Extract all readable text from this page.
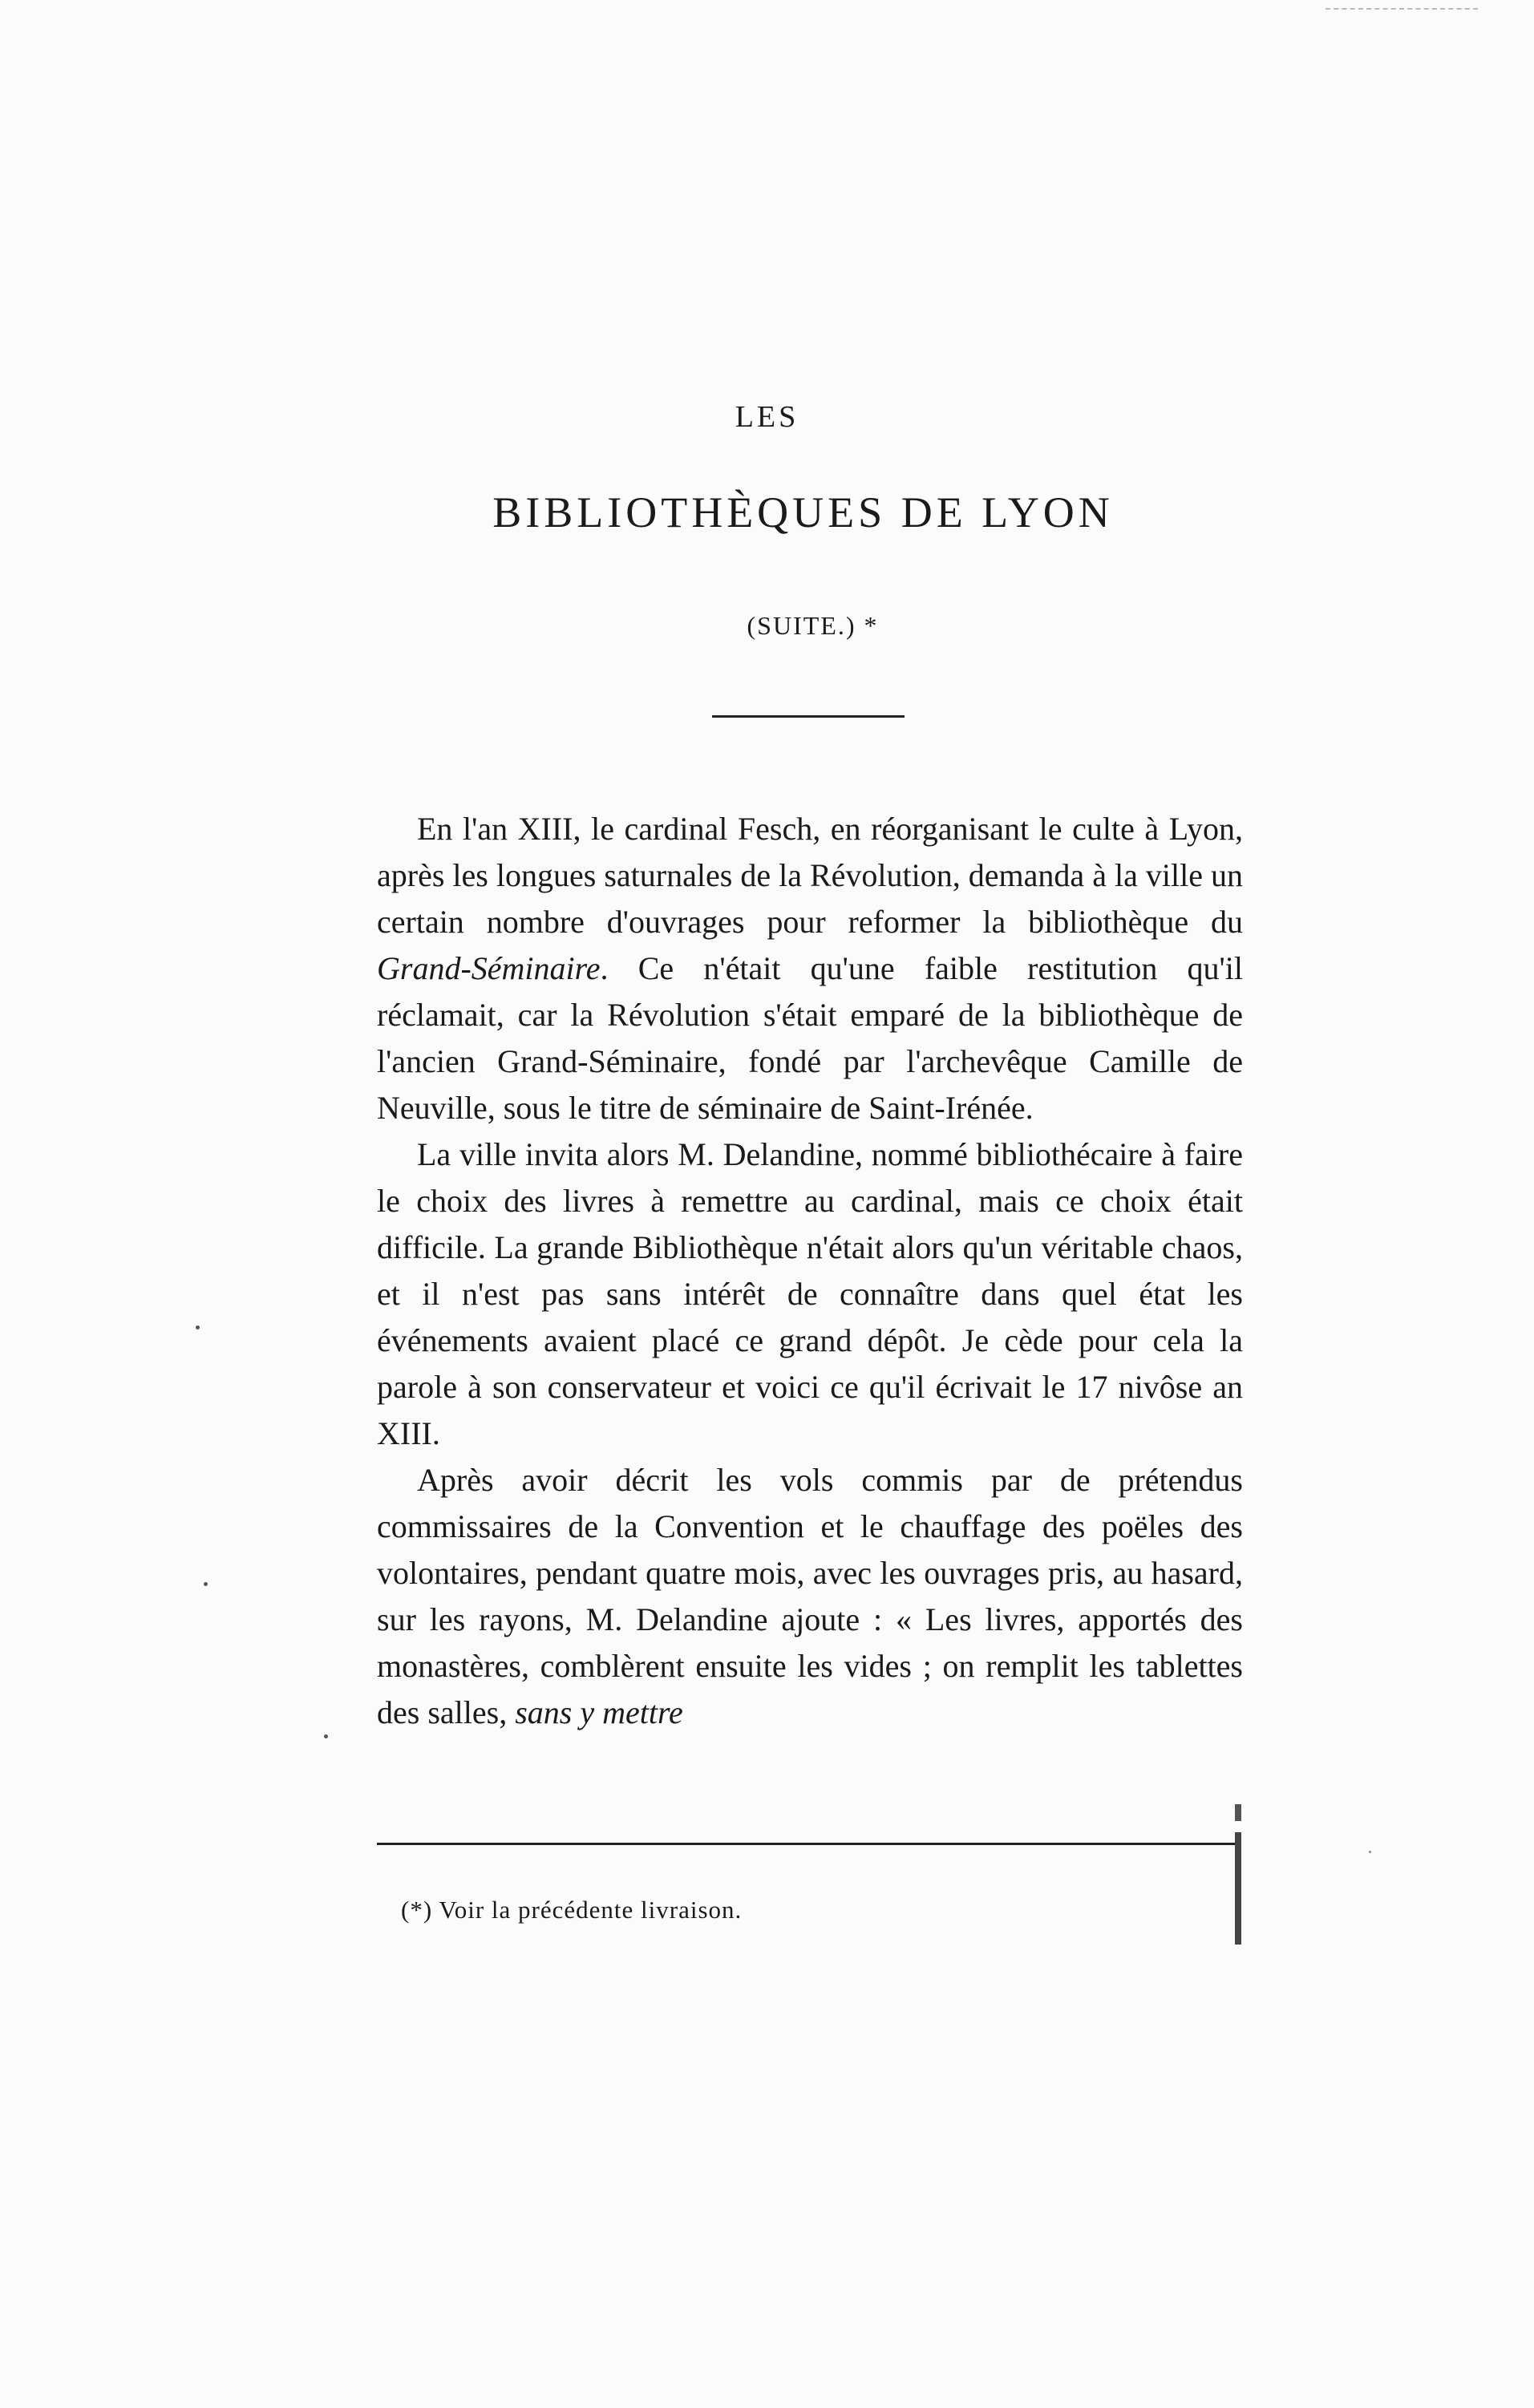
LES
BIBLIOTHÈQUES DE LYON
(SUITE.) *

En l'an XIII, le cardinal Fesch, en réorganisant le culte à Lyon, après les longues saturnales de la Révolution, demanda à la ville un certain nombre d'ouvrages pour reformer la bibliothèque du Grand-Séminaire. Ce n'était qu'une faible restitution qu'il réclamait, car la Révolution s'était emparé de la bibliothèque de l'ancien Grand-Séminaire, fondé par l'archevêque Camille de Neuville, sous le titre de séminaire de Saint-Irénée.

La ville invita alors M. Delandine, nommé bibliothécaire à faire le choix des livres à remettre au cardinal, mais ce choix était difficile. La grande Bibliothèque n'était alors qu'un véritable chaos, et il n'est pas sans intérêt de connaître dans quel état les événements avaient placé ce grand dépôt. Je cède pour cela la parole à son conservateur et voici ce qu'il écrivait le 17 nivôse an XIII.

Après avoir décrit les vols commis par de prétendus commissaires de la Convention et le chauffage des poëles des volontaires, pendant quatre mois, avec les ouvrages pris, au hasard, sur les rayons, M. Delandine ajoute : « Les livres, apportés des monastères, comblèrent ensuite les vides ; on remplit les tablettes des salles, sans y mettre

(*) Voir la précédente livraison.
